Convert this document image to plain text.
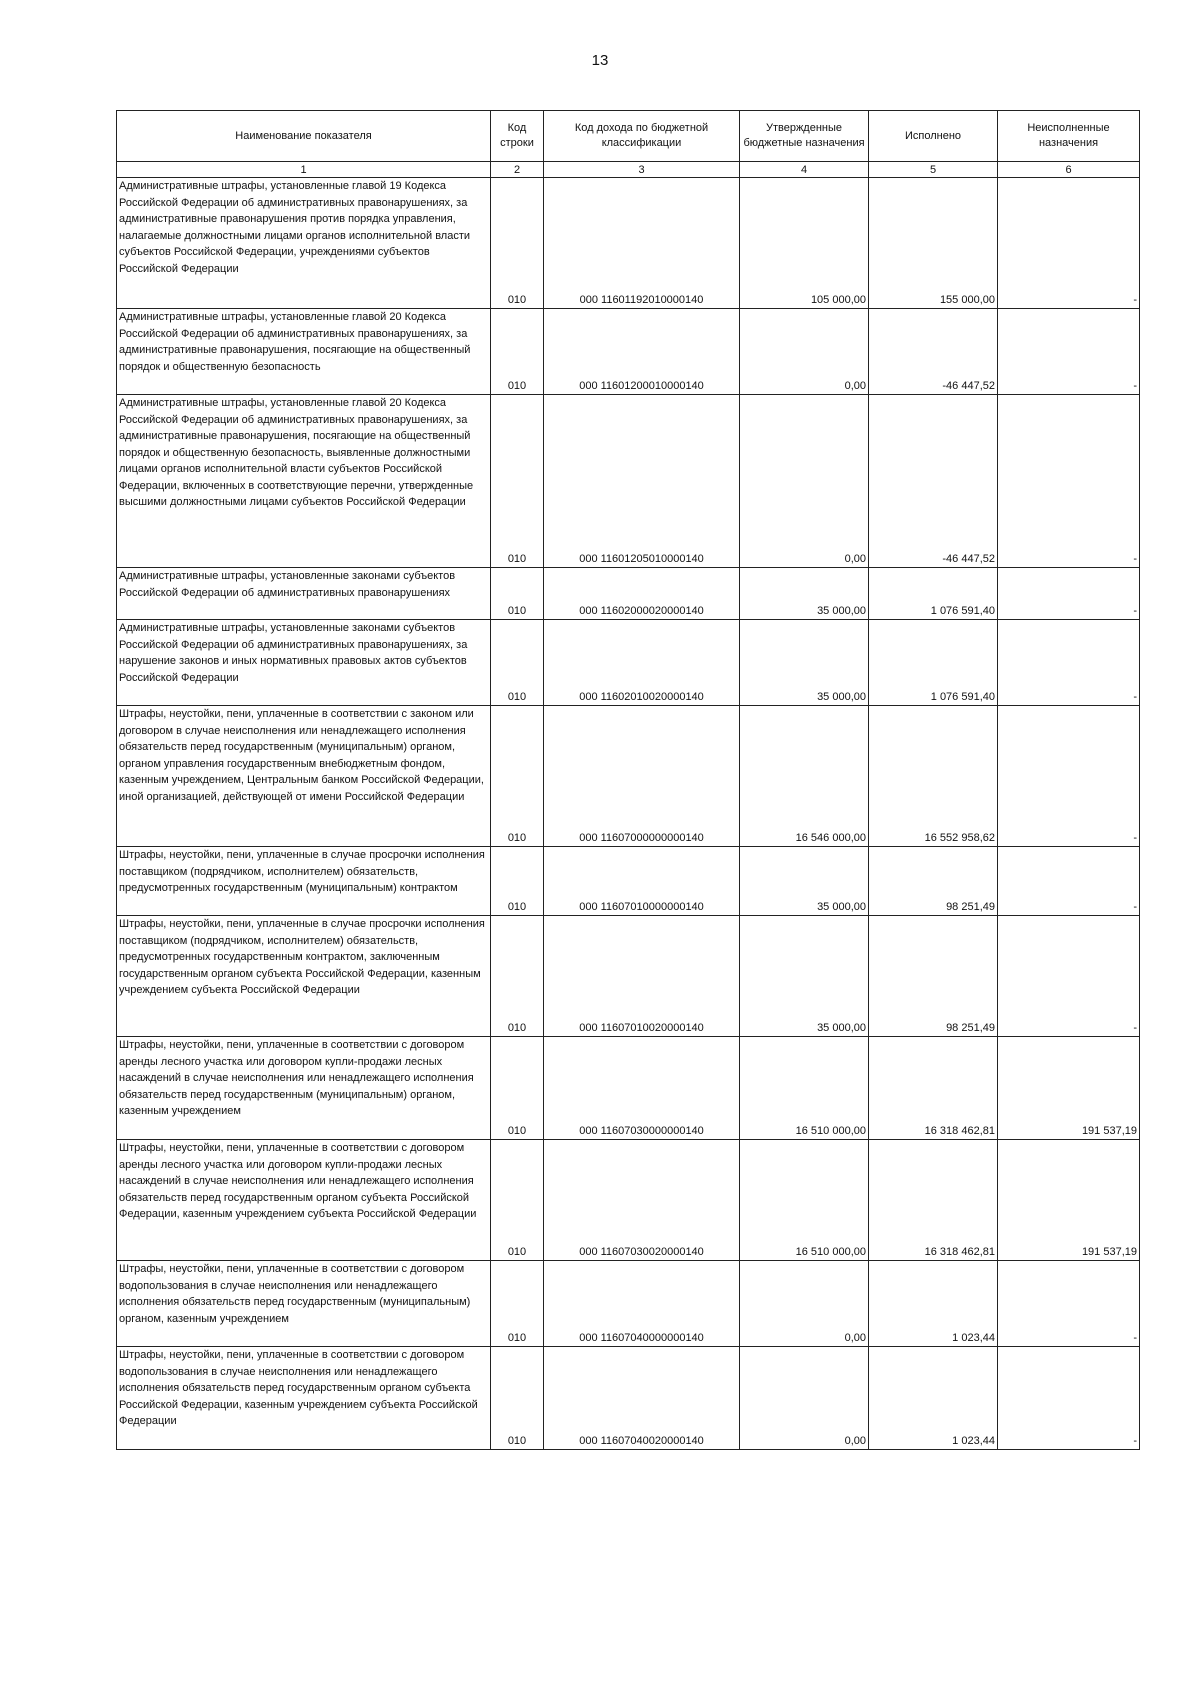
13
Наименование показателя	Код строки	Код дохода по бюджетной классификации	Утвержденные бюджетные назначения	Исполнено	Неисполненные назначения
1	2	3	4	5	6
Административные штрафы, установленные главой 19 Кодекса Российской Федерации об административных правонарушениях, за административные правонарушения против порядка управления, налагаемые должностными лицами органов исполнительной власти субъектов Российской Федерации, учреждениями субъектов Российской Федерации	010	000 11601192010000140	105 000,00	155 000,00	-
Административные штрафы, установленные главой 20 Кодекса Российской Федерации об административных правонарушениях, за административные правонарушения, посягающие на общественный порядок и общественную безопасность	010	000 11601200010000140	0,00	-46 447,52	-
Административные штрафы, установленные главой 20 Кодекса Российской Федерации об административных правонарушениях, за административные правонарушения, посягающие на общественный порядок и общественную безопасность, выявленные должностными лицами органов исполнительной власти субъектов Российской Федерации, включенных в соответствующие перечни, утвержденные высшими должностными лицами субъектов Российской Федерации	010	000 11601205010000140	0,00	-46 447,52	-
Административные штрафы, установленные законами субъектов Российской Федерации об административных правонарушениях	010	000 11602000020000140	35 000,00	1 076 591,40	-
Административные штрафы, установленные законами субъектов Российской Федерации об административных правонарушениях, за нарушение законов и иных нормативных правовых актов субъектов Российской Федерации	010	000 11602010020000140	35 000,00	1 076 591,40	-
Штрафы, неустойки, пени, уплаченные в соответствии с законом или договором в случае неисполнения или ненадлежащего исполнения обязательств перед государственным (муниципальным) органом, органом управления государственным внебюджетным фондом, казенным учреждением, Центральным банком Российской Федерации, иной организацией, действующей от имени Российской Федерации	010	000 11607000000000140	16 546 000,00	16 552 958,62	-
Штрафы, неустойки, пени, уплаченные в случае просрочки исполнения поставщиком (подрядчиком, исполнителем) обязательств, предусмотренных государственным (муниципальным) контрактом	010	000 11607010000000140	35 000,00	98 251,49	-
Штрафы, неустойки, пени, уплаченные в случае просрочки исполнения поставщиком (подрядчиком, исполнителем) обязательств, предусмотренных государственным контрактом, заключенным государственным органом субъекта Российской Федерации, казенным учреждением субъекта Российской Федерации	010	000 11607010020000140	35 000,00	98 251,49	-
Штрафы, неустойки, пени, уплаченные в соответствии с договором аренды лесного участка или договором купли-продажи лесных насаждений в случае неисполнения или ненадлежащего исполнения обязательств перед государственным (муниципальным) органом, казенным учреждением	010	000 11607030000000140	16 510 000,00	16 318 462,81	191 537,19
Штрафы, неустойки, пени, уплаченные в соответствии с договором аренды лесного участка или договором купли-продажи лесных насаждений в случае неисполнения или ненадлежащего исполнения обязательств перед государственным органом субъекта Российской Федерации, казенным учреждением субъекта Российской Федерации	010	000 11607030020000140	16 510 000,00	16 318 462,81	191 537,19
Штрафы, неустойки, пени, уплаченные в соответствии с договором водопользования в случае неисполнения или ненадлежащего исполнения обязательств перед государственным (муниципальным) органом, казенным учреждением	010	000 11607040000000140	0,00	1 023,44	-
Штрафы, неустойки, пени, уплаченные в соответствии с договором водопользования в случае неисполнения или ненадлежащего исполнения обязательств перед государственным органом субъекта Российской Федерации, казенным учреждением субъекта Российской Федерации	010	000 11607040020000140	0,00	1 023,44	-
